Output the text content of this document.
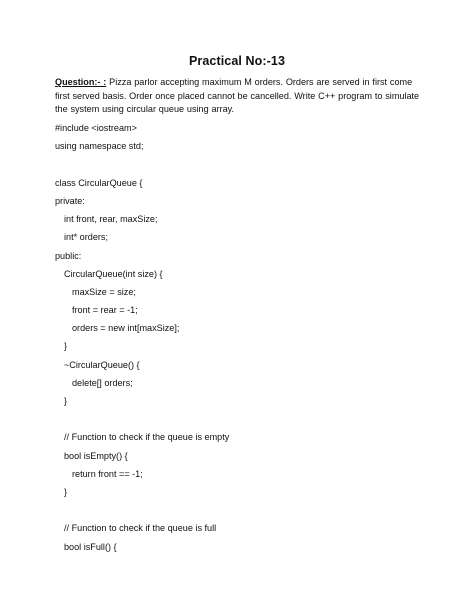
Practical No:-13
Question:- : Pizza parlor accepting maximum M orders. Orders are served in first come first served basis. Order once placed cannot be cancelled. Write C++ program to simulate the system using circular queue using array.
#include <iostream>
using namespace std;
class CircularQueue {
private:
int front, rear, maxSize;
int* orders;
public:
CircularQueue(int size) {
maxSize = size;
front = rear = -1;
orders = new int[maxSize];
}
~CircularQueue() {
delete[] orders;
}
// Function to check if the queue is empty
bool isEmpty() {
return front == -1;
}
// Function to check if the queue is full
bool isFull() {
